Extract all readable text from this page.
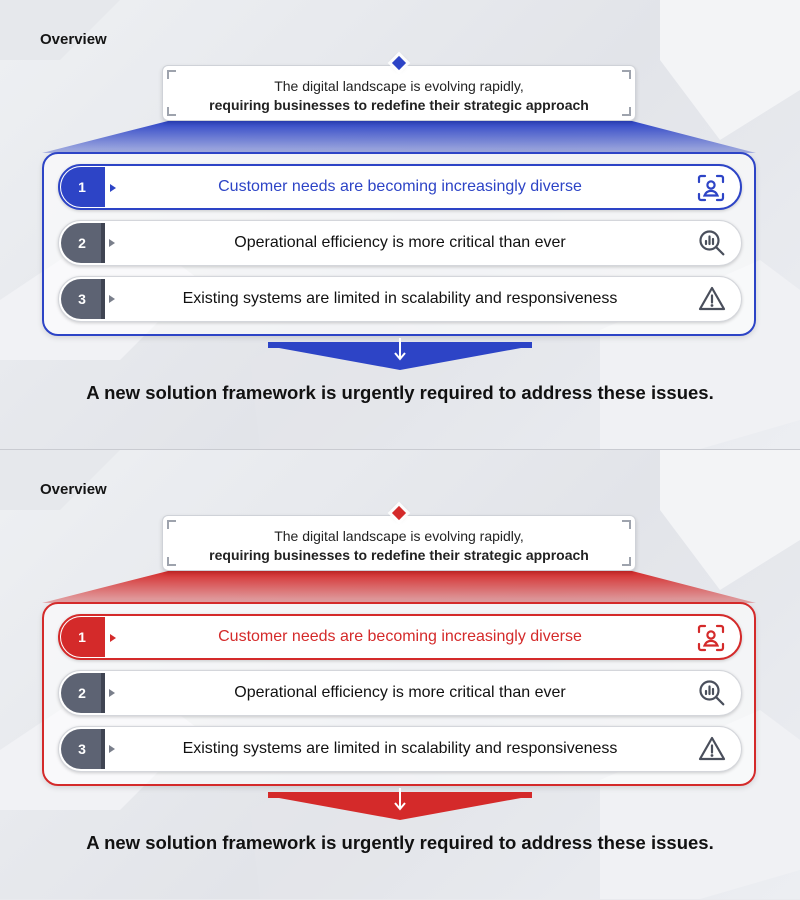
Overview
The digital landscape is evolving rapidly,
requiring businesses to redefine their strategic approach
1	Customer needs are becoming increasingly diverse
2	Operational efficiency is more critical than ever
3	Existing systems are limited in scalability and responsiveness
A new solution framework is urgently required to address these issues.
Overview
The digital landscape is evolving rapidly,
requiring businesses to redefine their strategic approach
1	Customer needs are becoming increasingly diverse
2	Operational efficiency is more critical than ever
3	Existing systems are limited in scalability and responsiveness
A new solution framework is urgently required to address these issues.
